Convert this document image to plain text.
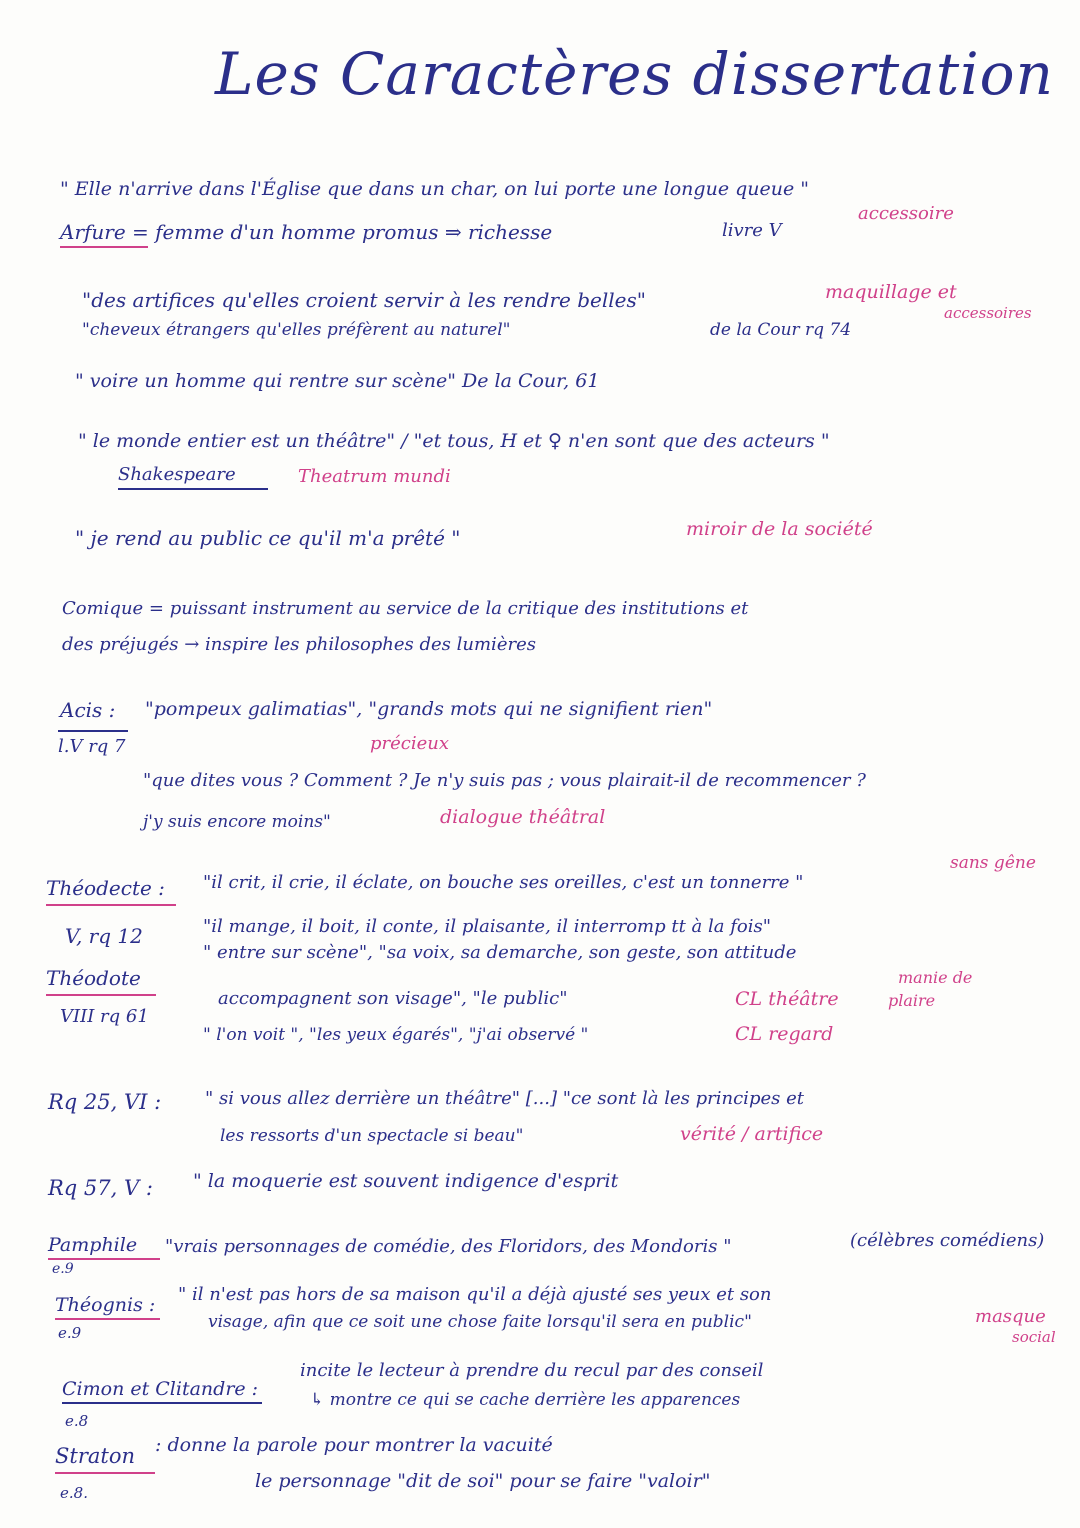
Les Caractères dissertation
" Elle n'arrive dans l'Église que dans un char, on lui porte une longue queue "
Arfure = femme d'un homme promus ⇒ richesse	livre V
accessoire
"des artifices qu'elles croient servir à les rendre belles"	maquillage et
accessoires
"cheveux étrangers qu'elles préfèrent au naturel"	de la Cour rq 74
" voire un homme qui rentre sur scène" De la Cour, 61
" le monde entier est un théâtre" / "et tous, H et ♀ n'en sont que des acteurs "
Shakespeare	Theatrum mundi
" je rend au public ce qu'il m'a prêté "	miroir de la société
Comique = puissant instrument au service de la critique des institutions et
des préjugés → inspire les philosophes des lumières
Acis : "pompeux galimatias", "grands mots qui ne signifient rien"
l.V rq 7	précieux
"que dites vous ? Comment ? Je n'y suis pas ; vous plairait-il de recommencer ?
j'y suis encore moins"	dialogue théâtral
sans gêne
Théodecte : "il crit, il crie, il éclate, on bouche ses oreilles, c'est un tonnerre "
V, rq 12	"il mange, il boit, il conte, il plaisante, il interromp tt à la fois"
Théodote
" entre sur scène", "sa voix, sa demarche, son geste, son attitude
manie de
VIII rq 61
accompagnent son visage", "le public"	CL théâtre	plaire
" l'on voit ", "les yeux égarés", "j'ai observé "	CL regard
Rq 25, VI : " si vous allez derrière un théâtre" [...] "ce sont là les principes et
les ressorts d'un spectacle si beau"	vérité / artifice
Rq 57, V : " la moquerie est souvent indigence d'esprit
Pamphile "vrais personnages de comédie, des Floridors, des Mondoris "	(célèbres comédiens)
e.9
Théognis : " il n'est pas hors de sa maison qu'il a déjà ajusté ses yeux et son
e.9
visage, afin que ce soit une chose faite lorsqu'il sera en public"	masque
social
Cimon et Clitandre :
incite le lecteur à prendre du recul par des conseil
e.8
↳ montre ce qui se cache derrière les apparences
Straton : donne la parole pour montrer la vacuité
e.8.
le personnage "dit de soi" pour se faire "valoir"
